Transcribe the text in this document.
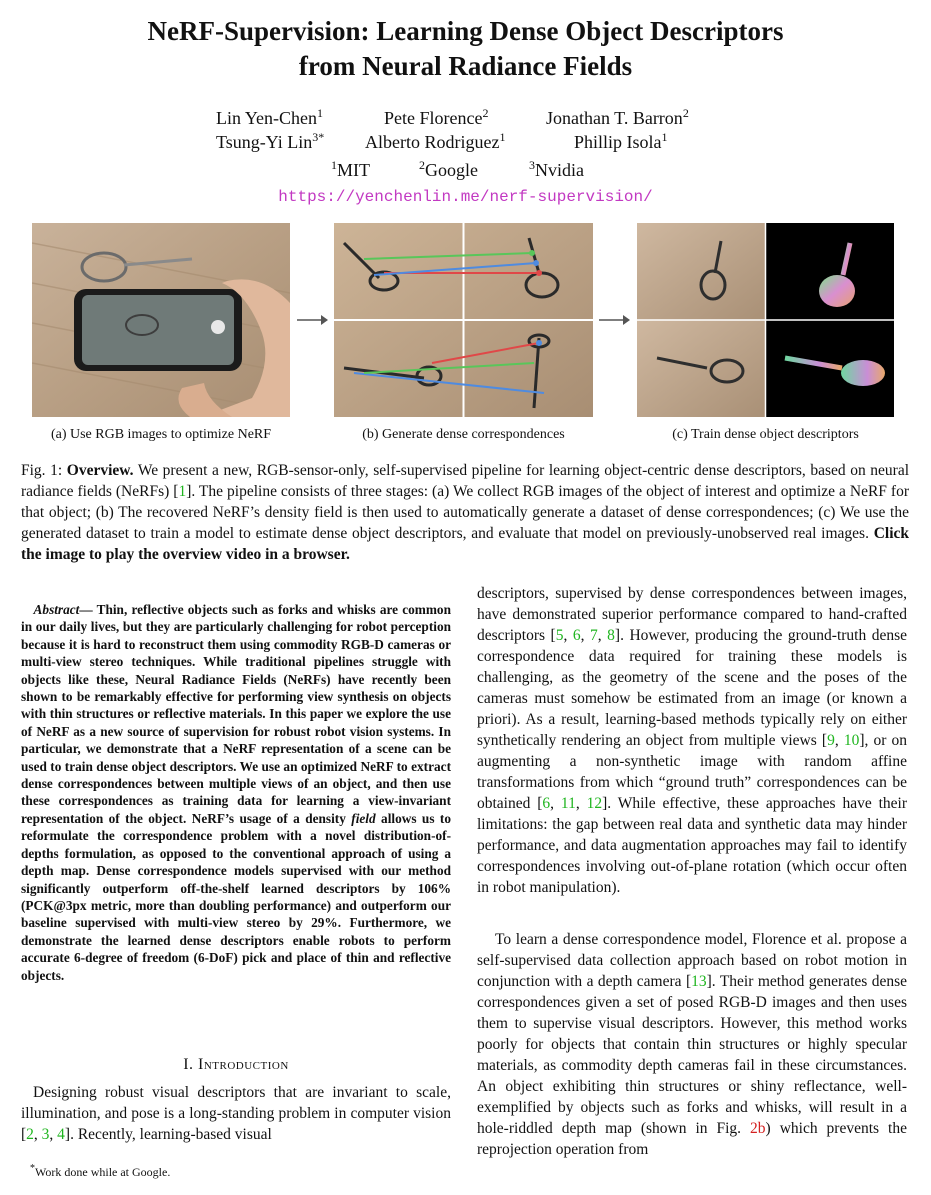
NeRF-Supervision: Learning Dense Object Descriptors
from Neural Radiance Fields
Lin Yen-Chen$^1$	Pete Florence$^2$	Jonathan T. Barron$^2$
Tsung-Yi Lin$^{3*}$ Alberto Rodriguez$^1$	Phillip Isola$^1$
$^1$MIT	$^2$Google	$^3$Nvidia
https://yenchenlin.me/nerf-supervision/
(a) Use RGB images to optimize NeRF	(b) Generate dense correspondences	(c) Train dense object descriptors
Fig. 1: Overview. We present a new, RGB-sensor-only, self-supervised pipeline for learning object-centric dense descriptors, based on neural radiance fields (NeRFs) [1]. The pipeline consists of three stages: (a) We collect RGB images of the object of interest and optimize a NeRF for that object; (b) The recovered NeRF’s density field is then used to automatically generate a dataset of dense correspondences; (c) We use the generated dataset to train a model to estimate dense object descriptors, and evaluate that model on previously-unobserved real images. Click the image to play the overview video in a browser.
Abstract— Thin, reflective objects such as forks and whisks are common in our daily lives, but they are particularly challenging for robot perception because it is hard to reconstruct them using commodity RGB-D cameras or multi-view stereo techniques. While traditional pipelines struggle with objects like these, Neural Radiance Fields (NeRFs) have recently been shown to be remarkably effective for performing view synthesis on objects with thin structures or reflective materials. In this paper we explore the use of NeRF as a new source of supervision for robust robot vision systems. In particular, we demonstrate that a NeRF representation of a scene can be used to train dense object descriptors. We use an optimized NeRF to extract dense correspondences between multiple views of an object, and then use these correspondences as training data for learning a view-invariant representation of the object. NeRF’s usage of a density field allows us to reformulate the correspondence problem with a novel distribution-of-depths formulation, as opposed to the conventional approach of using a depth map. Dense correspondence models supervised with our method significantly outperform off-the-shelf learned descriptors by 106% (PCK@3px metric, more than doubling performance) and outperform our baseline supervised with multi-view stereo by 29%. Furthermore, we demonstrate the learned dense descriptors enable robots to perform accurate 6-degree of freedom (6-DoF) pick and place of thin and reflective objects.
I. Introduction
Designing robust visual descriptors that are invariant to scale, illumination, and pose is a long-standing problem in computer vision [2, 3, 4]. Recently, learning-based visual
*Work done while at Google.
descriptors, supervised by dense correspondences between images, have demonstrated superior performance compared to hand-crafted descriptors [5, 6, 7, 8]. However, producing the ground-truth dense correspondence data required for training these models is challenging, as the geometry of the scene and the poses of the cameras must somehow be estimated from an image (or known a priori). As a result, learning-based methods typically rely on either synthetically rendering an object from multiple views [9, 10], or on augmenting a non-synthetic image with random affine transformations from which “ground truth” correspondences can be obtained [6, 11, 12]. While effective, these approaches have their limitations: the gap between real data and synthetic data may hinder performance, and data augmentation approaches may fail to identify correspondences involving out-of-plane rotation (which occur often in robot manipulation).
To learn a dense correspondence model, Florence et al. propose a self-supervised data collection approach based on robot motion in conjunction with a depth camera [13]. Their method generates dense correspondences given a set of posed RGB-D images and then uses them to supervise visual descriptors. However, this method works poorly for objects that contain thin structures or highly specular materials, as commodity depth cameras fail in these circumstances. An object exhibiting thin structures or shiny reflectance, well-exemplified by objects such as forks and whisks, will result in a hole-riddled depth map (shown in Fig. 2b) which prevents the reprojection operation from
